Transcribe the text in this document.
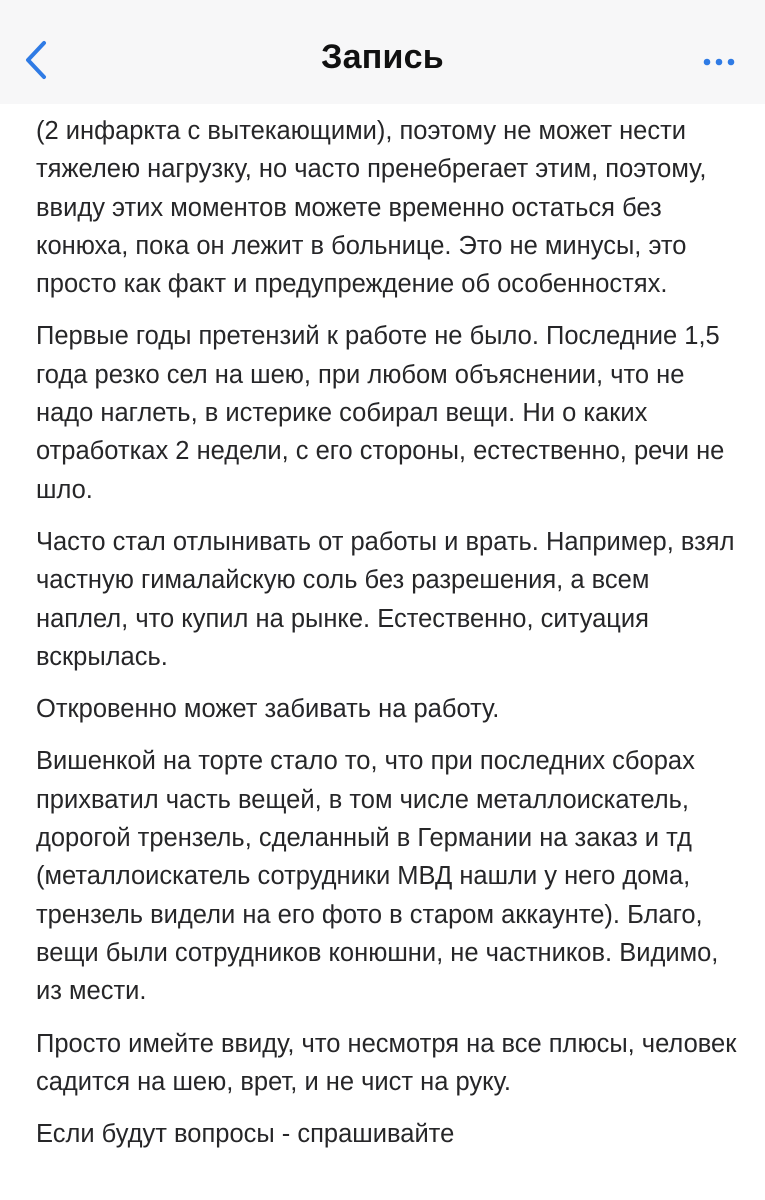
Запись

(2 инфаркта с вытекающими), поэтому не может нести тяжелею нагрузку, но часто пренебрегает этим, поэтому, ввиду этих моментов можете временно остаться без конюха, пока он лежит в больнице. Это не минусы, это просто как факт и предупреждение об особенностях.

Первые годы претензий к работе не было. Последние 1,5 года резко сел на шею, при любом объяснении, что не надо наглеть, в истерике собирал вещи. Ни о каких отработках 2 недели, с его стороны, естественно, речи не шло.

Часто стал отлынивать от работы и врать. Например, взял частную гималайскую соль без разрешения, а всем наплел, что купил на рынке. Естественно, ситуация вскрылась.

Откровенно может забивать на работу.

Вишенкой на торте стало то, что при последних сборах прихватил часть вещей, в том числе металлоискатель, дорогой трензель, сделанный в Германии на заказ и тд (металлоискатель сотрудники МВД нашли у него дома, трензель видели на его фото в старом аккаунте). Благо, вещи были сотрудников конюшни, не частников. Видимо, из мести.

Просто имейте ввиду, что несмотря на все плюсы, человек садится на шею, врет, и не чист на руку.

Если будут вопросы - спрашивайте
